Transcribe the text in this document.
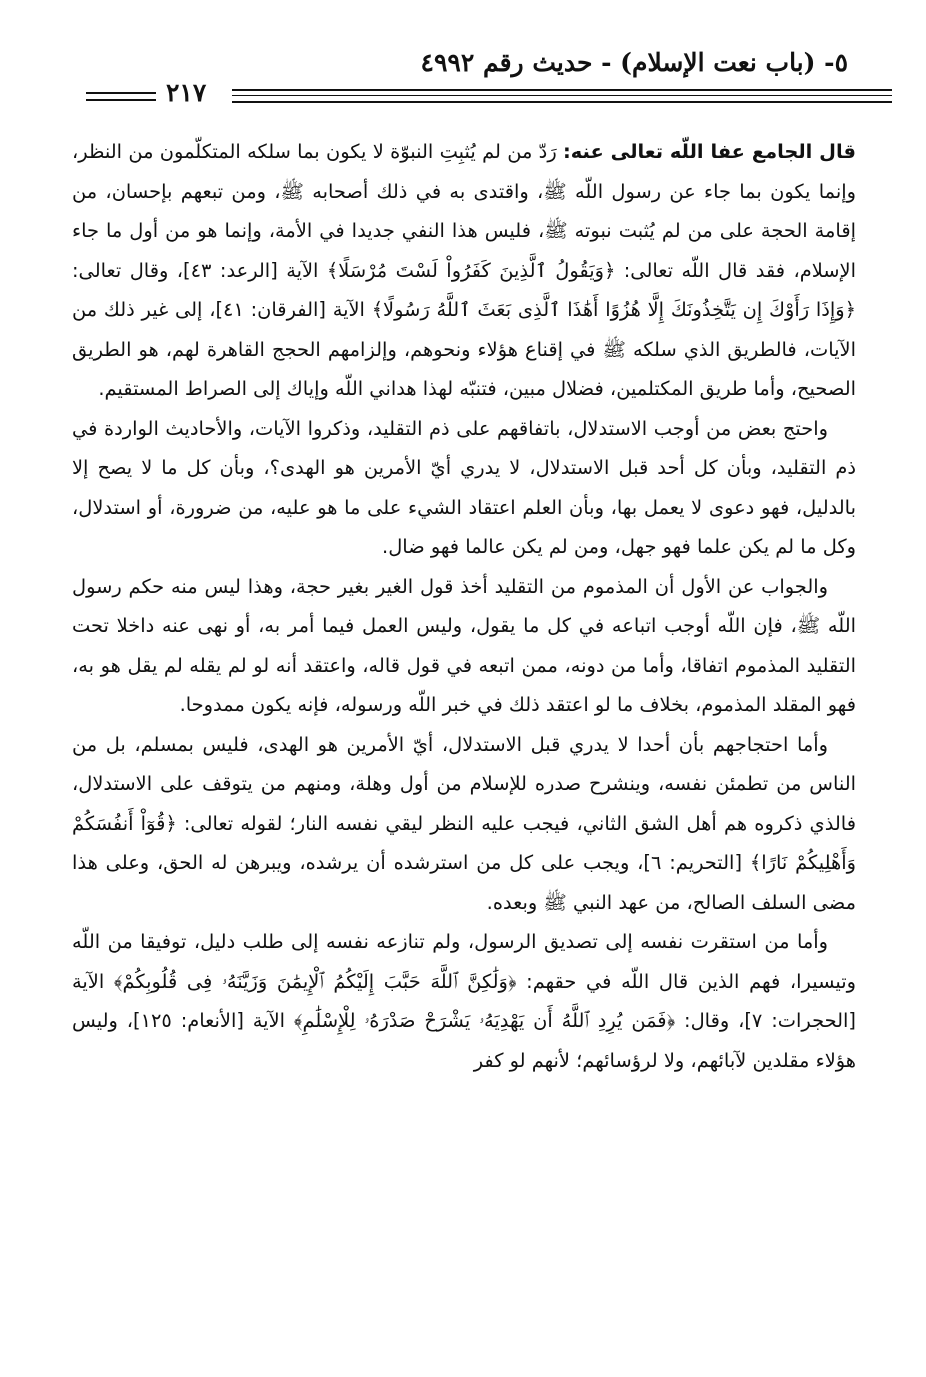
٥- (باب نعت الإسلام) - حديث رقم ٤٩٩٢
٢١٧

قال الجامع عفا اللّه تعالى عنه: رَدّ من لم يُثبِتِ النبوّة لا يكون بما سلكه المتكلّمون من النظر، وإنما يكون بما جاء عن رسول اللّه ﷺ، واقتدى به في ذلك أصحابه ﷺ، ومن تبعهم بإحسان، من إقامة الحجة على من لم يُثبت نبوته ﷺ، فليس هذا النفي جديدا في الأمة، وإنما هو من أول ما جاء الإسلام، فقد قال اللّه تعالى: ﴿وَيَقُولُ ٱلَّذِينَ كَفَرُواْ لَسْتَ مُرْسَلًا﴾ الآية [الرعد: ٤٣]، وقال تعالى: ﴿وَإِذَا رَأَوْكَ إِن يَتَّخِذُونَكَ إِلَّا هُزُوًا أَهَٰذَا ٱلَّذِى بَعَثَ ٱللَّهُ رَسُولًا﴾ الآية [الفرقان: ٤١]، إلى غير ذلك من الآيات، فالطريق الذي سلكه ﷺ في إقناع هؤلاء ونحوهم، وإلزامهم الحجج القاهرة لهم، هو الطريق الصحيح، وأما طريق المكتلمين، فضلال مبين، فتنبّه لهذا هداني اللّه وإياك إلى الصراط المستقيم.

واحتج بعض من أوجب الاستدلال، باتفاقهم على ذم التقليد، وذكروا الآيات، والأحاديث الواردة في ذم التقليد، وبأن كل أحد قبل الاستدلال، لا يدري أيّ الأمرين هو الهدى؟، وبأن كل ما لا يصح إلا بالدليل، فهو دعوى لا يعمل بها، وبأن العلم اعتقاد الشيء على ما هو عليه، من ضرورة، أو استدلال، وكل ما لم يكن علما فهو جهل، ومن لم يكن عالما فهو ضال.

والجواب عن الأول أن المذموم من التقليد أخذ قول الغير بغير حجة، وهذا ليس منه حكم رسول اللّه ﷺ، فإن اللّه أوجب اتباعه في كل ما يقول، وليس العمل فيما أمر به، أو نهى عنه داخلا تحت التقليد المذموم اتفاقا، وأما من دونه، ممن اتبعه في قول قاله، واعتقد أنه لو لم يقله لم يقل هو به، فهو المقلد المذموم، بخلاف ما لو اعتقد ذلك في خبر اللّه ورسوله، فإنه يكون ممدوحا.

وأما احتجاجهم بأن أحدا لا يدري قبل الاستدلال، أيّ الأمرين هو الهدى، فليس بمسلم، بل من الناس من تطمئن نفسه، وينشرح صدره للإسلام من أول وهلة، ومنهم من يتوقف على الاستدلال، فالذي ذكروه هم أهل الشق الثاني، فيجب عليه النظر ليقي نفسه النار؛ لقوله تعالى: ﴿قُوٓاْ أَنفُسَكُمْ وَأَهْلِيكُمْ نَارًا﴾ [التحريم: ٦]، ويجب على كل من استرشده أن يرشده، ويبرهن له الحق، وعلى هذا مضى السلف الصالح، من عهد النبي ﷺ وبعده.

وأما من استقرت نفسه إلى تصديق الرسول، ولم تنازعه نفسه إلى طلب دليل، توفيقا من اللّه وتيسيرا، فهم الذين قال اللّه في حقهم: ﴿وَلَٰكِنَّ ٱللَّهَ حَبَّبَ إِلَيْكُمُ ٱلْإِيمَٰنَ وَزَيَّنَهُۥ فِى قُلُوبِكُمْ﴾ الآية [الحجرات: ٧]، وقال: ﴿فَمَن يُرِدِ ٱللَّهُ أَن يَهْدِيَهُۥ يَشْرَحْ صَدْرَهُۥ لِلْإِسْلَٰمِ﴾ الآية [الأنعام: ١٢٥]، وليس هؤلاء مقلدين لآبائهم، ولا لرؤسائهم؛ لأنهم لو كفر
